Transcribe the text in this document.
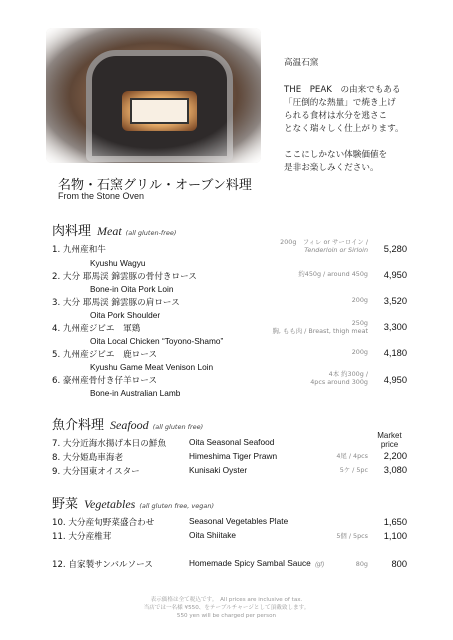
高温石窯
THE　PEAK　の由来でもある
「圧倒的な熱量」で焼き上げ
られる食材は水分を逃さこ
となく瑞々しく仕上がります。
ここにしかない体験価値を
是非お楽しみください。
名物・石窯グリル・オーブン料理
From the Stone Oven
肉料理 Meat (all gluten-free)
1. 九州産和牛
Kyushu Wagyu
200g　フィレ or サーロイン /
Tenderloin or Sirloin	5,280
2. 大分 耶馬渓 錦雲豚の骨付きロース
Bone-in Oita Pork Loin
約450g / around 450g	4,950
3. 大分 耶馬渓 錦雲豚の肩ロース
Oita Pork Shoulder
200g	3,520
4. 九州産ジビエ　軍鶏
Oita Local Chicken “Toyono-Shamo”
250g
胸, もも肉 / Breast, thigh meat	3,300
5. 九州産ジビエ　鹿ロース
Kyushu Game Meat Venison Loin
200g	4,180
6. 豪州産骨付き仔羊ロース
Bone-in Australian Lamb
4本 約300g /
4pcs around 300g	4,950
魚介料理 Seafood (all gluten free)
Market
price
7. 大分近海水揚げ本日の鮮魚	Oita Seasonal Seafood
8. 大分姫島車海老	Himeshima Tiger Prawn	4尾 / 4pcs	2,200
9. 大分国東オイスター	Kunisaki Oyster	5ケ / 5pc	3,080
野菜 Vegetables (all gluten free, vegan)
10. 大分産旬野菜盛合わせ	Seasonal Vegetables Plate	1,650
11. 大分産椎茸	Oita Shiitake	5個 / 5pcs	1,100
12. 自家製サンバルソース	Homemade Spicy Sambal Sauce (gf)	80g	800
表示価格は全て税込です。　All prices are inclusive of tax.
当店では一名様 ¥550、をテーブルチャージとして頂戴致します。
550 yen will be charged per person
